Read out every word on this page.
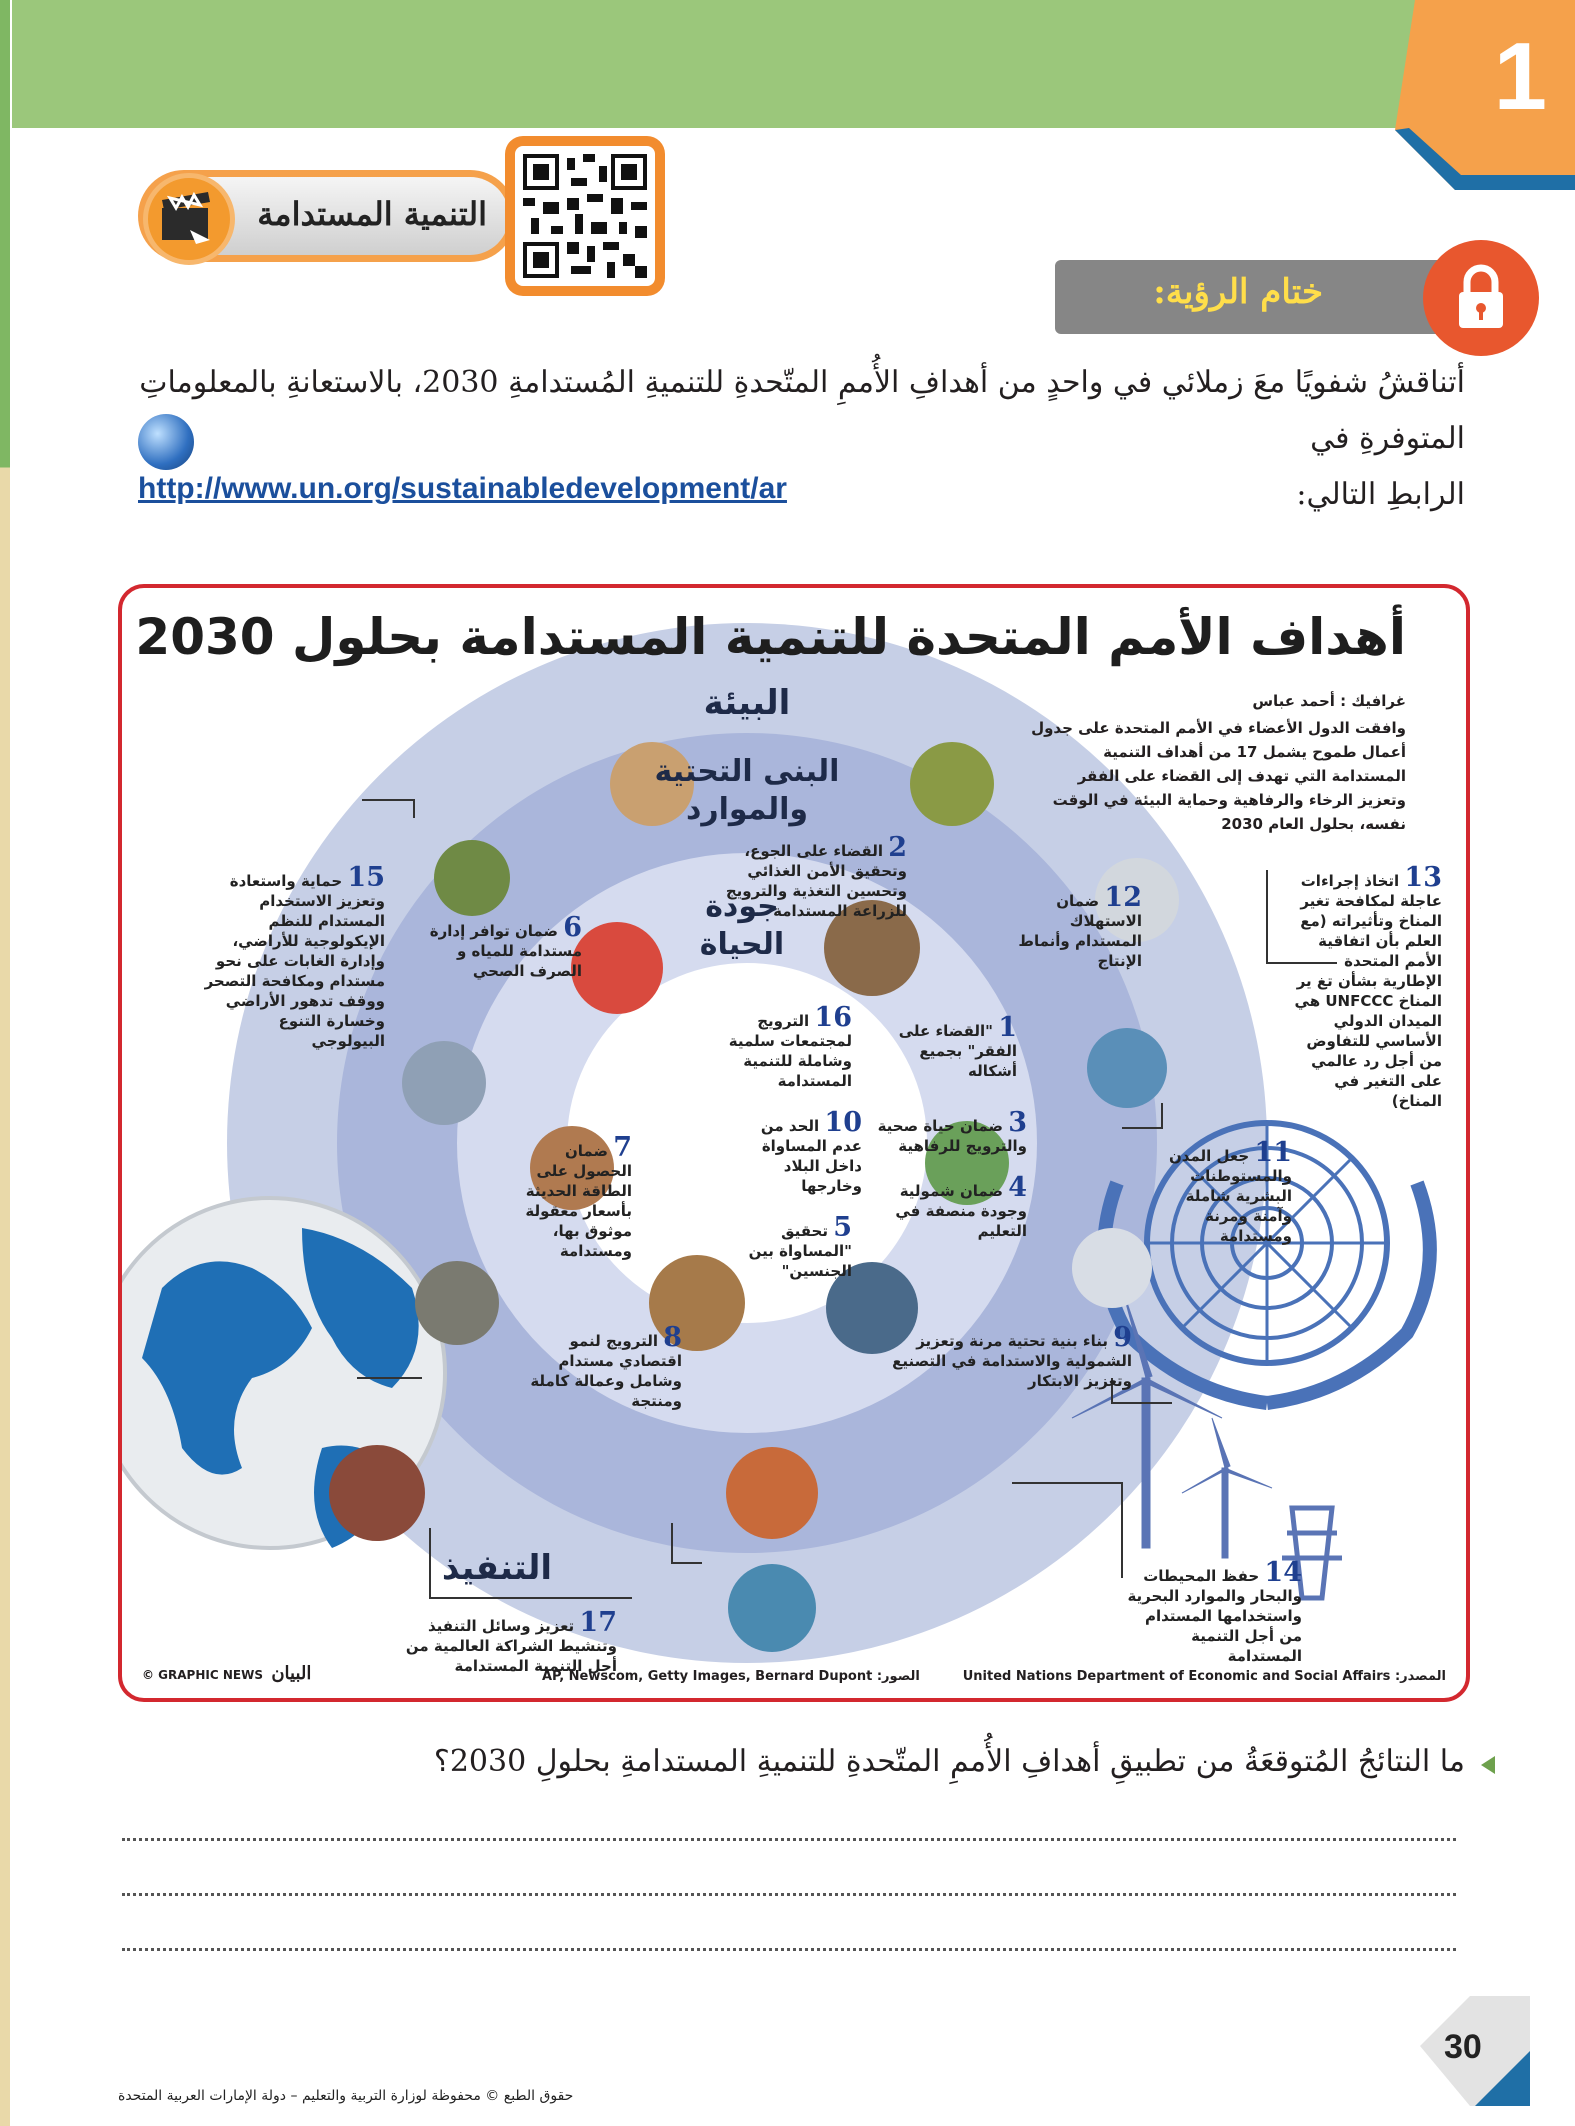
1
التنمية المستدامة
ختام الرؤية:
أتناقشُ شفويًا معَ زملائي في واحدٍ من أهدافِ الأُممِ المتّحدةِ للتنميةِ المُستدامةِ 2030، بالاستعانةِ بالمعلوماتِ المتوفرةِ في
الرابطِ التالي:
http://www.un.org/sustainabledevelopment/ar
أهداف الأمم المتحدة للتنمية المستدامة بحلول 2030
غرافيك : أحمد عباس
وافقت الدول الأعضاء في الأمم المتحدة على جدول أعمال طموح يشمل 17 من أهداف التنمية المستدامة التي تهدف إلى القضاء على الفقر وتعزيز الرخاء والرفاهية وحماية البيئة في الوقت نفسه، بحلول العام 2030
البيئة
البنى التحتية والموارد
جودة الحياة
التنفيذ
15 حماية واستعادة وتعزيز الاستخدام المستدام للنظم الإيكولوجية للأراضي، وإدارة الغابات على نحو مستدام ومكافحة التصحر ووقف تدهور الأراضي وخسارة التنوع البيولوجي
6 ضمان توافر إدارة مستدامة للمياه و الصرف الصحي
2 القضاء على الجوع، وتحقيق الأمن الغذائي وتحسين التغذية والترويج للزراعة المستدامة	12 ضمان الاستهلاك المستدام وأنماط الإنتاج
13 اتخاذ إجراءات عاجلة لمكافحة تغير المناخ وتأثيراته (مع العلم بأن اتفاقية الأمم المتحدة الإطارية بشأن تغ ير المناخ UNFCCC هي الميدان الدولي الأساسي للتفاوض من أجل رد عالمي على التغير في المناخ)
16 الترويج لمجتمعات سلمية وشاملة للتنمية المستدامة
1 "القضاء على الفقر" بجميع أشكاله
7 ضمان الحصول على الطاقة الحديثة بأسعار معقولة موثوق بها، ومستدامة
10 الحد من عدم المساواة داخل البلاد وخارجها
3 ضمان حياة صحية والترويج للرفاهية	11 جعل المدن والمستوطنات البشرية شاملة وآمنة ومرنة ومستدامة
4 ضمان شمولية وجودة منصفة في التعليم
5 تحقيق "المساواة بين الجنسين"
8 الترويج لنمو اقتصادي مستدام وشامل وعمالة كاملة ومنتجة
9 بناء بنية تحتية مرنة وتعزيز الشمولية والاستدامة في التصنيع وتعزيز الابتكار
14 حفظ المحيطات والبحار والموارد البحرية واستخدامها المستدام من أجل التنمية المستدامة
17 تعزيز وسائل التنفيذ وتنشيط الشراكة العالمية من أجل التنمية المستدامة
© GRAPHIC NEWS البيان	الصور: AP, Newscom, Getty Images, Bernard Dupont	المصدر: United Nations Department of Economic and Social Affairs
ما النتائجُ المُتوقعَةُ من تطبيقِ أهدافِ الأُممِ المتّحدةِ للتنميةِ المستدامةِ بحلولِ 2030؟
30
حقوق الطبع © محفوظة لوزارة التربية والتعليم – دولة الإمارات العربية المتحدة
